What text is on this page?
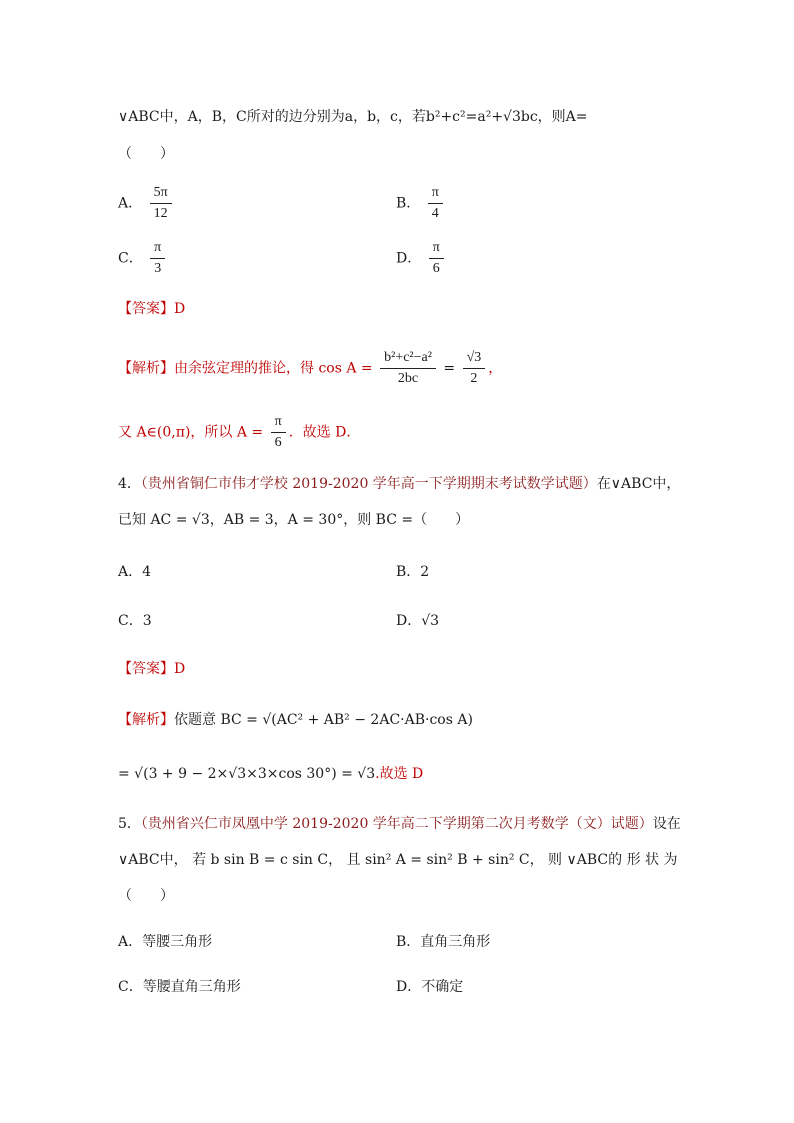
∨ABC中，A，B，C所对的边分别为a，b，c，若b²+c²=a²+√3bc，则A=
（　　）
A． $\frac{5\pi}{12}$	B． $\frac{\pi}{4}$
C． $\frac{\pi}{3}$	D． $\frac{\pi}{6}$
【答案】D
【解析】由余弦定理的推论，得 $\cos A = \frac{\text{b²+c²−a²}}{2bc} = \frac{√3}{2}$ ，
又 A∈(0,π)，所以 $A = \frac{\pi}{6}$ ．故选 D．
4．（贵州省铜仁市伟才学校 2019-2020 学年高一下学期期末考试数学试题）在∨ABC中，
已知 AC = √3，AB = 3，A = 30°，则 BC =（　　）
A．4	B．2
C．3	D．√3
【答案】D
【解析】依题意 BC = √(AC² + AB² − 2AC·AB·cos A)
= √(3 + 9 − 2×√3×3×cos 30°) = √3.故选 D
5．（贵州省兴仁市凤凰中学 2019-2020 学年高二下学期第二次月考数学（文）试题）设在
∨ABC中， 若 b sin B = c sin C， 且 sin² A = sin² B + sin² C， 则 ∨ABC的 形 状 为
（　　）
A．等腰三角形	B．直角三角形
C．等腰直角三角形	D．不确定
